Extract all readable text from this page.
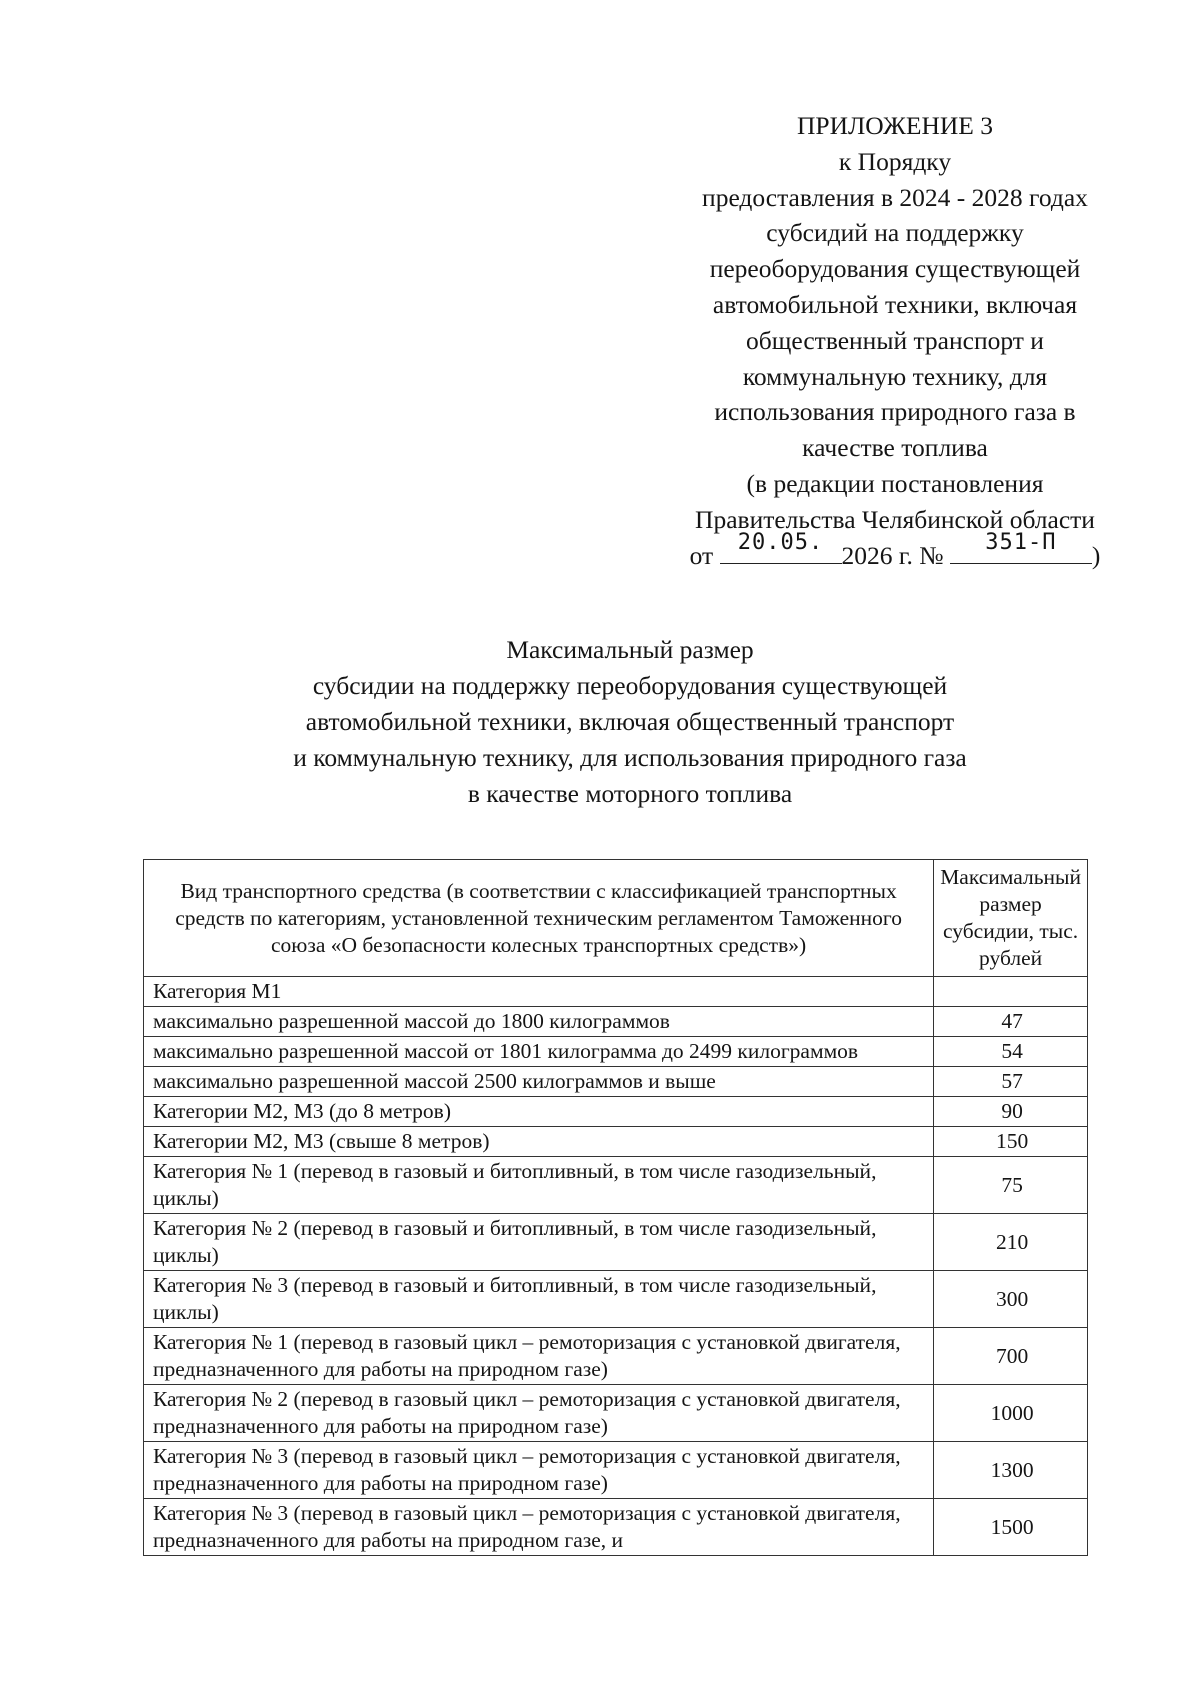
ПРИЛОЖЕНИЕ 3
к Порядку
предоставления в 2024 - 2028 годах
субсидий на поддержку
переоборудования существующей
автомобильной техники, включая
общественный транспорт и
коммунальную технику, для
использования природного газа в
качестве топлива
(в редакции постановления
Правительства Челябинской области
от	20.05. 2026 г. №	351-П	)
Максимальный размер
субсидии на поддержку переоборудования существующей
автомобильной техники, включая общественный транспорт
и коммунальную технику, для использования природного газа
в качестве моторного топлива
Вид транспортного средства (в соответствии с классификацией транспортных средств по категориям, установленной техническим регламентом Таможенного союза «О безопасности колесных транспортных средств»)	Максимальный размер субсидии, тыс. рублей
Категория М1	
максимально разрешенной массой до 1800 килограммов	47
максимально разрешенной массой от 1801 килограмма до 2499 килограммов	54
максимально разрешенной массой 2500 килограммов и выше	57
Категории М2, М3 (до 8 метров)	90
Категории М2, М3 (свыше 8 метров)	150
Категория № 1 (перевод в газовый и битопливный, в том числе газодизельный, циклы)	75
Категория № 2 (перевод в газовый и битопливный, в том числе газодизельный, циклы)	210
Категория № 3 (перевод в газовый и битопливный, в том числе газодизельный, циклы)	300
Категория № 1 (перевод в газовый цикл – ремоторизация с установкой двигателя, предназначенного для работы на природном газе)	700
Категория № 2 (перевод в газовый цикл – ремоторизация с установкой двигателя, предназначенного для работы на природном газе)	1000
Категория № 3 (перевод в газовый цикл – ремоторизация с установкой двигателя, предназначенного для работы на природном газе)	1300
Категория № 3 (перевод в газовый цикл – ремоторизация с установкой двигателя, предназначенного для работы на природном газе, и	1500
